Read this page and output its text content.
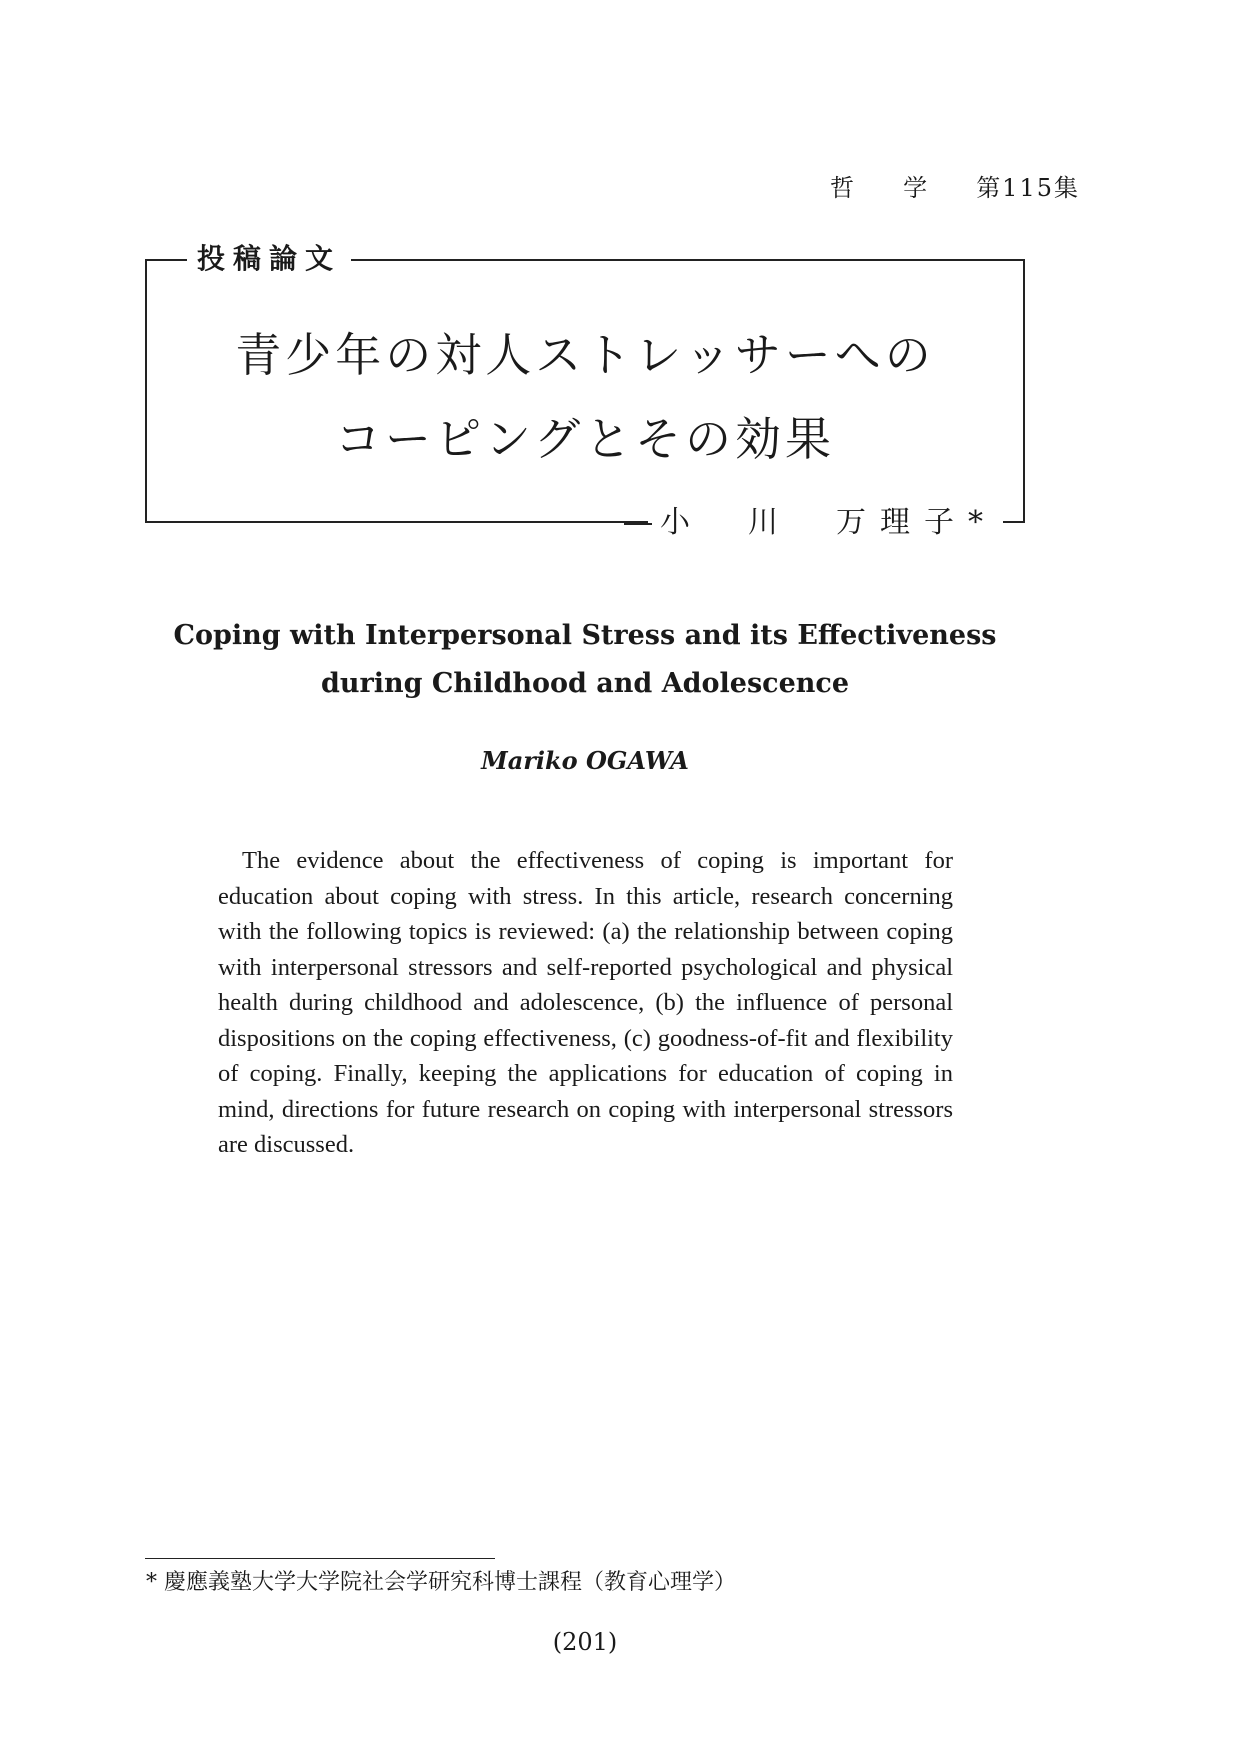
哲 学 第115集
投稿論文
青少年の対人ストレッサーへの
コーピングとその効果
小　川　万理子*
Coping with Interpersonal Stress and its Effectiveness
during Childhood and Adolescence
Mariko OGAWA

The evidence about the effectiveness of coping is important for education about coping with stress. In this article, research concerning with the following topics is reviewed: (a) the relationship between coping with interpersonal stressors and self-reported psychological and physical health during childhood and adolescence, (b) the influence of personal dispositions on the coping effectiveness, (c) goodness-of-fit and flexibility of coping. Finally, keeping the applications for education of coping in mind, directions for future research on coping with interpersonal stressors are discussed.

* 慶應義塾大学大学院社会学研究科博士課程（教育心理学）
(201)
